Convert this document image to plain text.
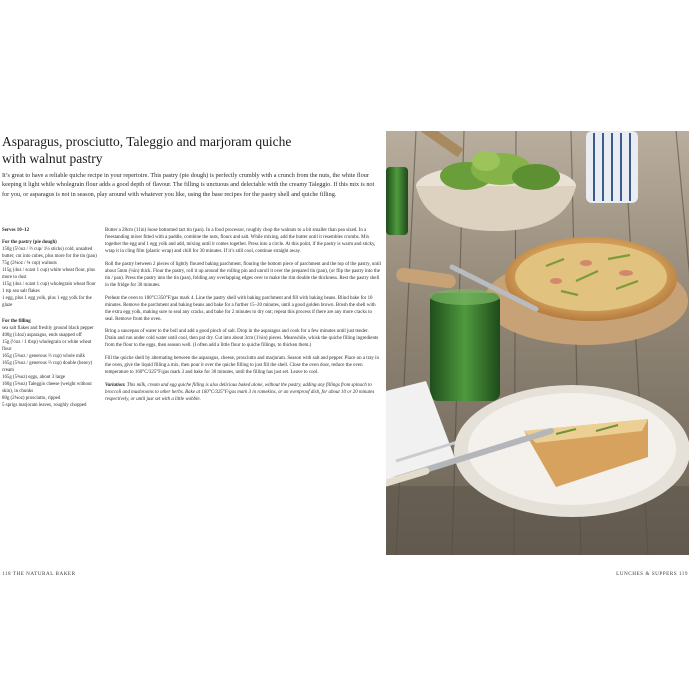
Asparagus, prosciutto, Taleggio and marjoram quiche with walnut pastry

It’s great to have a reliable quiche recipe in your repertoire. This pastry (pie dough) is perfectly crumbly with a crunch from the nuts, the white flour keeping it light while wholegrain flour adds a good depth of flavour. The filling is unctuous and delectable with the creamy Taleggio. If this mix is not for you, or asparagus is not in season, play around with whatever you like, using the base recipes for the pastry shell and quiche filling.

Serves 10–12
For the pastry (pie dough)
150g (5½oz / ⅔ cup/ 1¼ sticks) cold, unsalted butter, cut into cubes, plus more for the tin (pan)
75g (2¾oz / ¾ cup) walnuts
115g (4oz / scant 1 cup) white wheat flour, plus more to dust
115g (4oz / scant 1 cup) wholegrain wheat flour
1 tsp sea salt flakes
1 egg, plus 1 egg yolk, plus 1 egg yolk for the glaze
For the filling
sea salt flakes and freshly ground black pepper
400g (14oz) asparagus, ends snapped off
15g (½oz / 1 tbsp) wholegrain or white wheat flour
165g (5¾oz / generous ⅔ cup) whole milk
165g (5¾oz / generous ⅔ cup) double (heavy) cream
165g (5¾oz) eggs, about 3 large
160g (5¾oz) Taleggio cheese (weight without skin), in chunks
80g (2¾oz) prosciutto, ripped
5 sprigs marjoram leaves, roughly chopped

Butter a 28cm (11in) loose bottomed tart tin (pan). In a food processor, roughly chop the walnuts to a bit smaller than pea sized. In a freestanding mixer fitted with a paddle, combine the nuts, flours and salt. While mixing, add the butter until it resembles crumbs. Mix together the egg and 1 egg yolk and add, mixing until it comes together. Press into a circle. At this point, if the pastry is warm and sticky, wrap it in cling film (plastic wrap) and chill for 30 minutes. If it’s still cool, continue straight away.

Roll the pastry between 2 pieces of lightly floured baking parchment, flouring the bottom piece of parchment and the top of the pastry, until about 5mm (¼in) thick. Flour the pastry, roll it up around the rolling pin and unroll it over the prepared tin (pan), (or flip the pastry into the tin / pan). Press the pastry into the tin (pan), folding any overlapping edges over to make the rim double the thickness. Rest the pastry shell in the fridge for 30 minutes.

Preheat the oven to 180°C/350°F/gas mark 4. Line the pastry shell with baking parchment and fill with baking beans. Blind bake for 10 minutes. Remove the parchment and baking beans and bake for a further 15–20 minutes, until a good golden brown. Brush the shell with the extra egg yolk, making sure to seal any cracks, and bake for 2 minutes to dry out; repeat this process if there are any more cracks to seal. Remove from the oven.

Bring a saucepan of water to the boil and add a good pinch of salt. Drop in the asparagus and cook for a few minutes until just tender. Drain and run under cold water until cool, then pat dry. Cut into about 3cm (1¼in) pieces. Meanwhile, whisk the quiche filling ingredients from the flour to the eggs, then season well. (I often add a little flour to quiche fillings, to thicken them.)

Fill the quiche shell by alternating between the asparagus, cheese, prosciutto and marjoram. Season with salt and pepper. Place on a tray in the oven, give the liquid filling a mix, then pour it over the quiche filling to just fill the shell. Close the oven door, reduce the oven temperature to 160°C/325°F/gas mark 3 and bake for 30 minutes, until the filling has just set. Leave to cool.

Variation: This milk, cream and egg quiche filling is also delicious baked alone, without the pastry, adding any fillings from spinach to broccoli and mushrooms to other herbs. Bake at 160°C/325°F/gas mark 3 in ramekins, or an ovenproof dish, for about 10 or 20 minutes respectively, or until just set with a little wobble.

118 THE NATURAL BAKER	LUNCHES & SUPPERS 119
